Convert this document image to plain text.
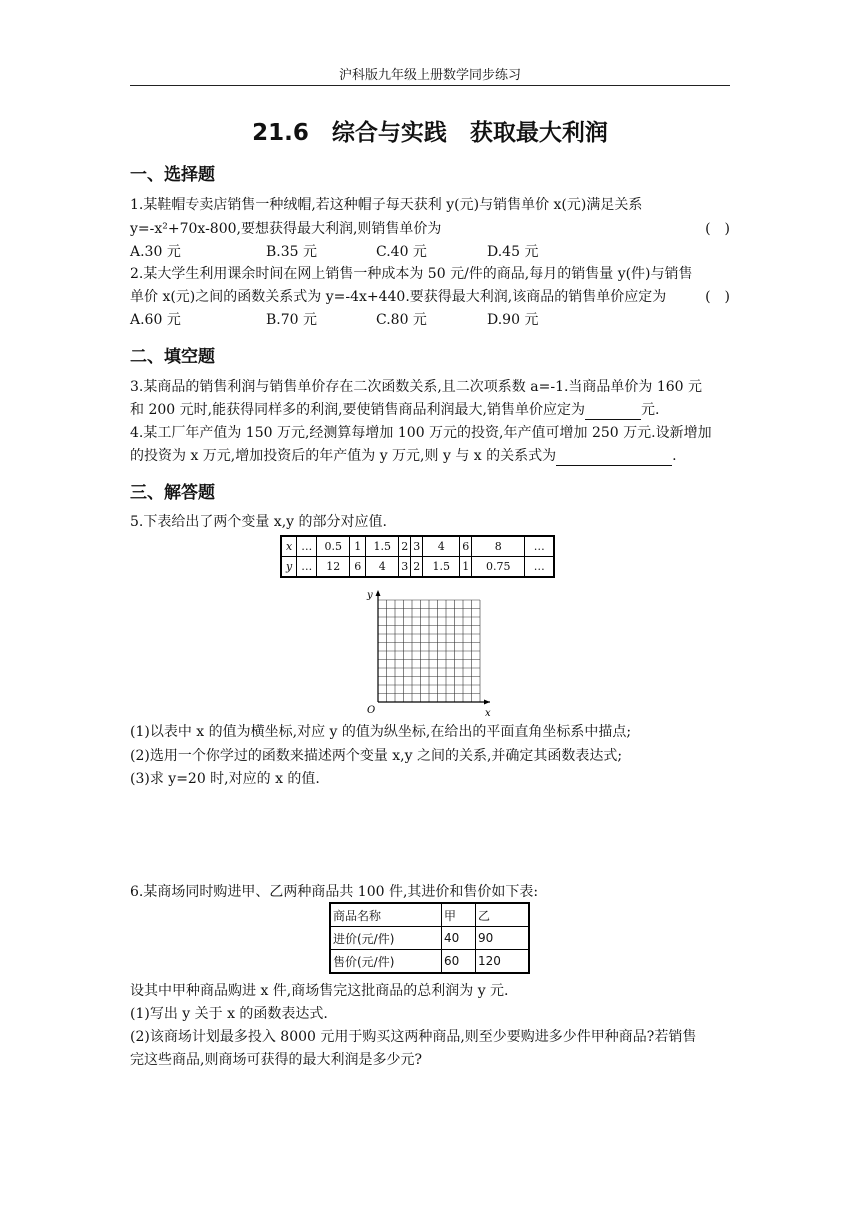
沪科版九年级上册数学同步练习
21.6　综合与实践　获取最大利润
一、选择题
1.某鞋帽专卖店销售一种绒帽,若这种帽子每天获利 y(元)与销售单价 x(元)满足关系
y=-x²+70x-800,要想获得最大利润,则销售单价为	(　)
A.30 元	B.35 元	C.40 元	D.45 元
2.某大学生利用课余时间在网上销售一种成本为 50 元/件的商品,每月的销售量 y(件)与销售
单价 x(元)之间的函数关系式为 y=-4x+440.要获得最大利润,该商品的销售单价应定为	(　)
A.60 元	B.70 元	C.80 元	D.90 元
二、填空题
3.某商品的销售利润与销售单价存在二次函数关系,且二次项系数 a=-1.当商品单价为 160 元
和 200 元时,能获得同样多的利润,要使销售商品利润最大,销售单价应定为	元.
4.某工厂年产值为 150 万元,经测算每增加 100 万元的投资,年产值可增加 250 万元.设新增加
的投资为 x 万元,增加投资后的年产值为 y 万元,则 y 与 x 的关系式为	.
三、解答题
5.下表给出了两个变量 x,y 的部分对应值.
x	…	0.5	1	1.5	2	3	4	6	8	…
y	…	12	6	4	3	2	1.5	1	0.75	…
y
x
O
(1)以表中 x 的值为横坐标,对应 y 的值为纵坐标,在给出的平面直角坐标系中描点;
(2)选用一个你学过的函数来描述两个变量 x,y 之间的关系,并确定其函数表达式;
(3)求 y=20 时,对应的 x 的值.
6.某商场同时购进甲、乙两种商品共 100 件,其进价和售价如下表:
商品名称	甲	乙
进价(元/件)	40	90
售价(元/件)	60	120
设其中甲种商品购进 x 件,商场售完这批商品的总利润为 y 元.
(1)写出 y 关于 x 的函数表达式.
(2)该商场计划最多投入 8000 元用于购买这两种商品,则至少要购进多少件甲种商品?若销售
完这些商品,则商场可获得的最大利润是多少元?
